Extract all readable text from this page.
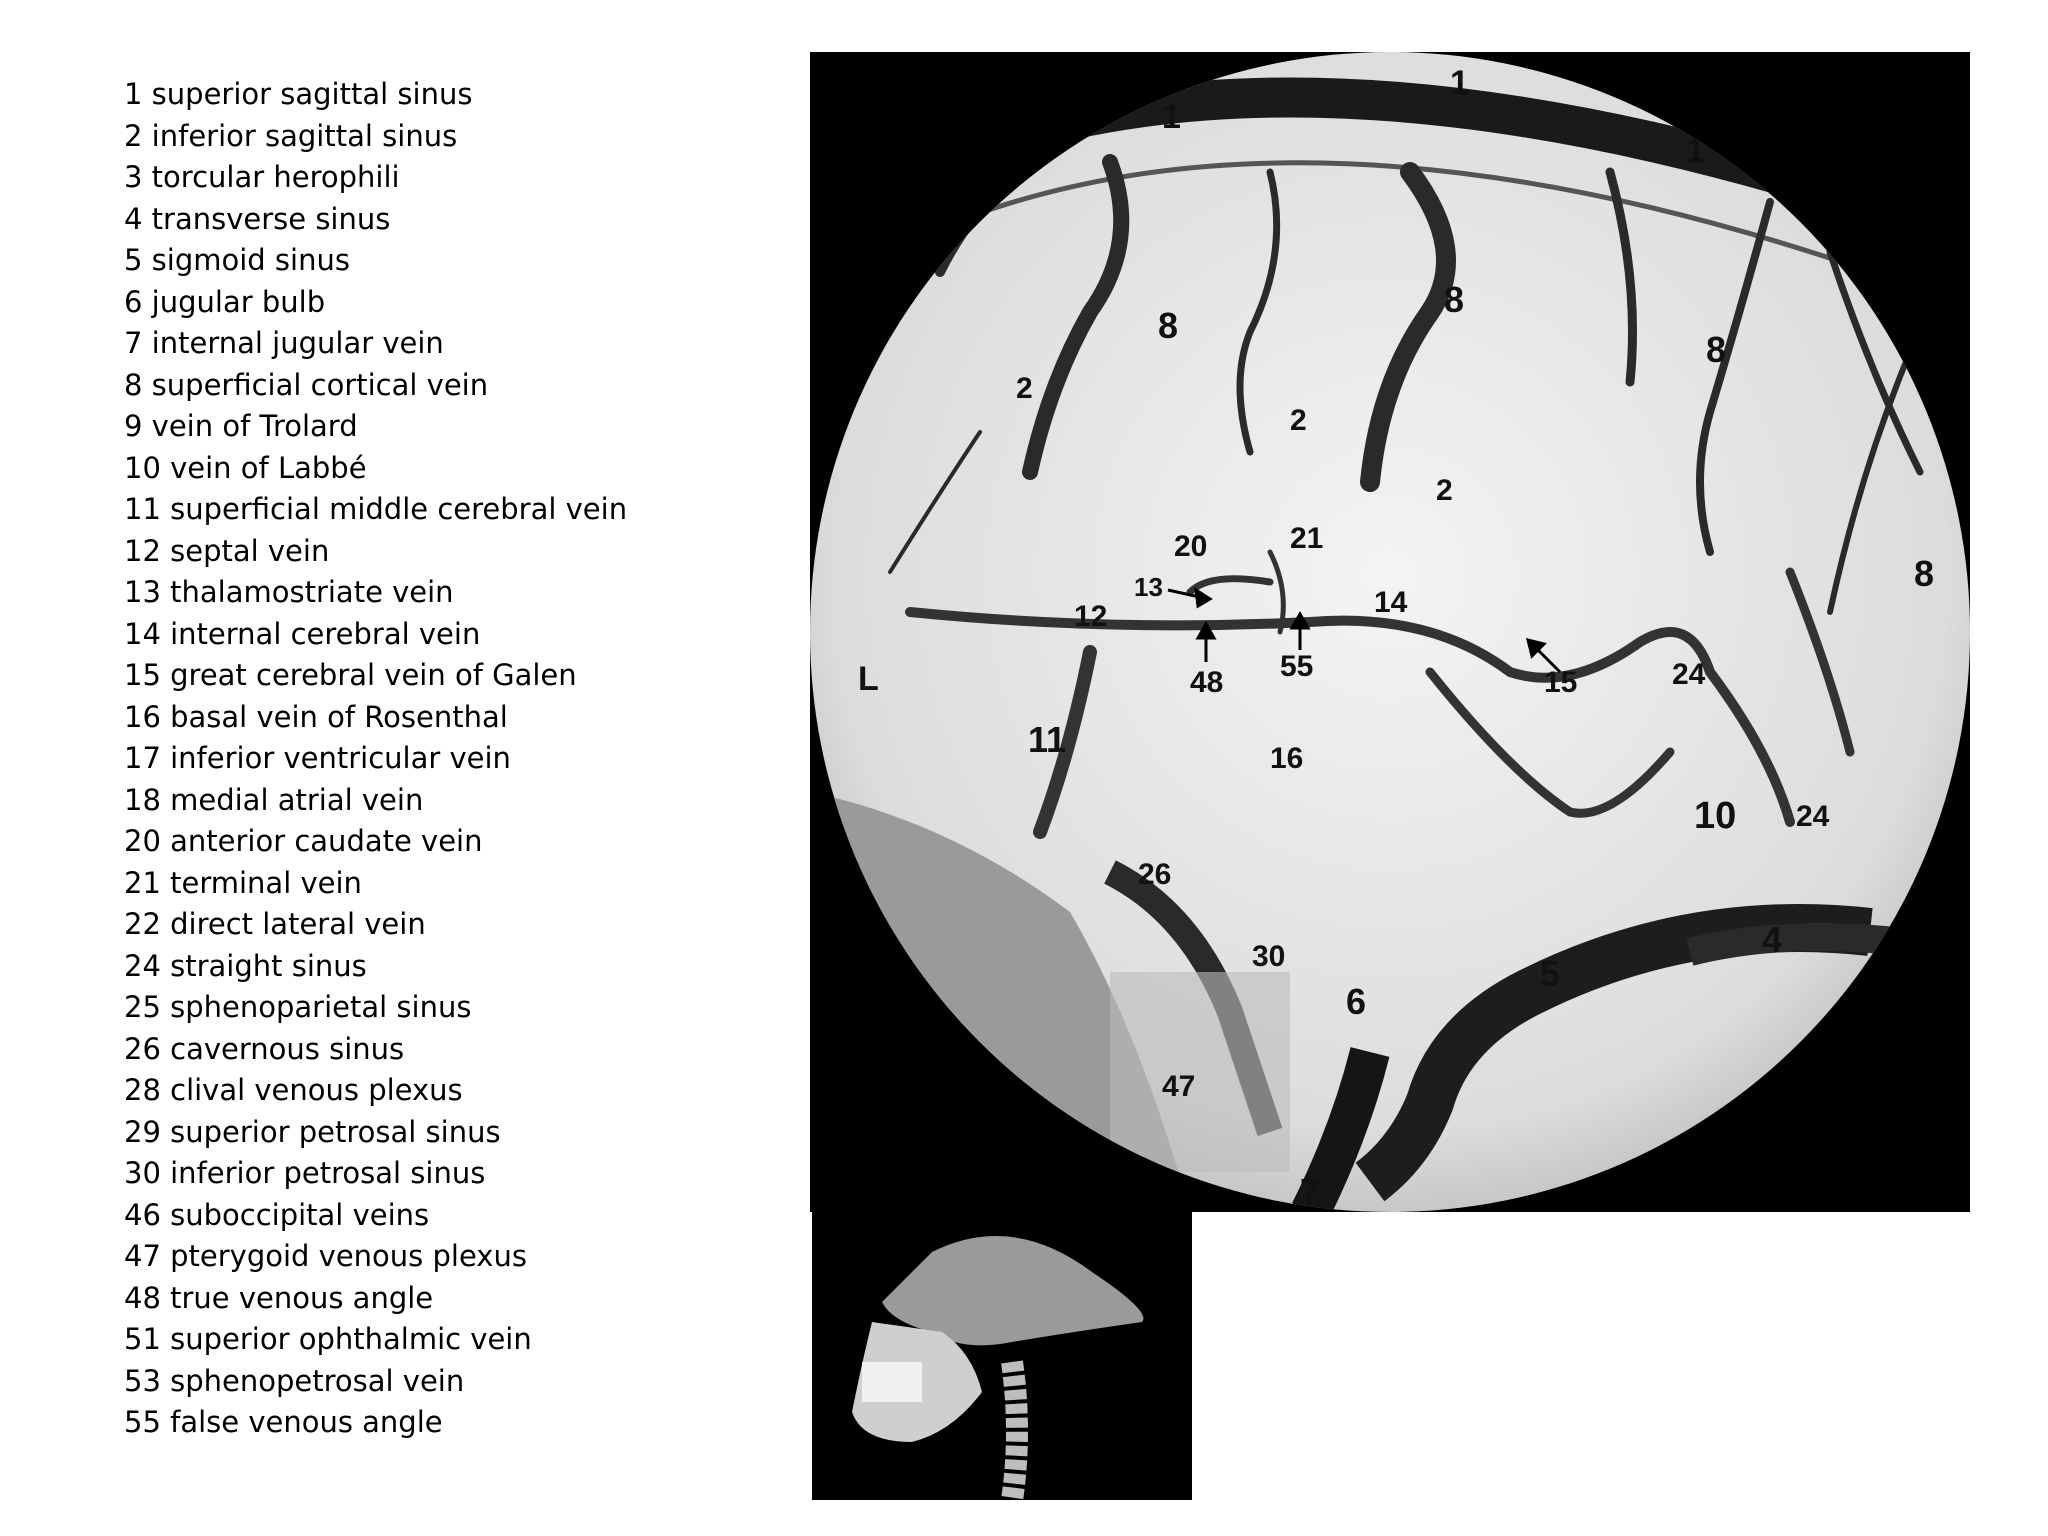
1 superior sagittal sinus
2 inferior sagittal sinus
3 torcular herophili
4 transverse sinus
5 sigmoid sinus
6 jugular bulb
7 internal jugular vein
8 superficial cortical vein
9 vein of Trolard
10 vein of Labbé
11 superficial middle cerebral vein
12 septal vein
13 thalamostriate vein
14 internal cerebral vein
15 great cerebral vein of Galen
16 basal vein of Rosenthal
17 inferior ventricular vein
18 medial atrial vein
20 anterior caudate vein
21 terminal vein
22 direct lateral vein
24 straight sinus
25 sphenoparietal sinus
26 cavernous sinus
28 clival venous plexus
29 superior petrosal sinus
30 inferior petrosal sinus
46 suboccipital veins
47 pterygoid venous plexus
48 true venous angle
51 superior ophthalmic vein
53 sphenopetrosal vein
55 false venous angle
L
1
1
1
2
2
2
8
8
8
8
20	21
13
12	14
55
48	15	24
24
11	16
10
26
30
6
5
4
47
7
